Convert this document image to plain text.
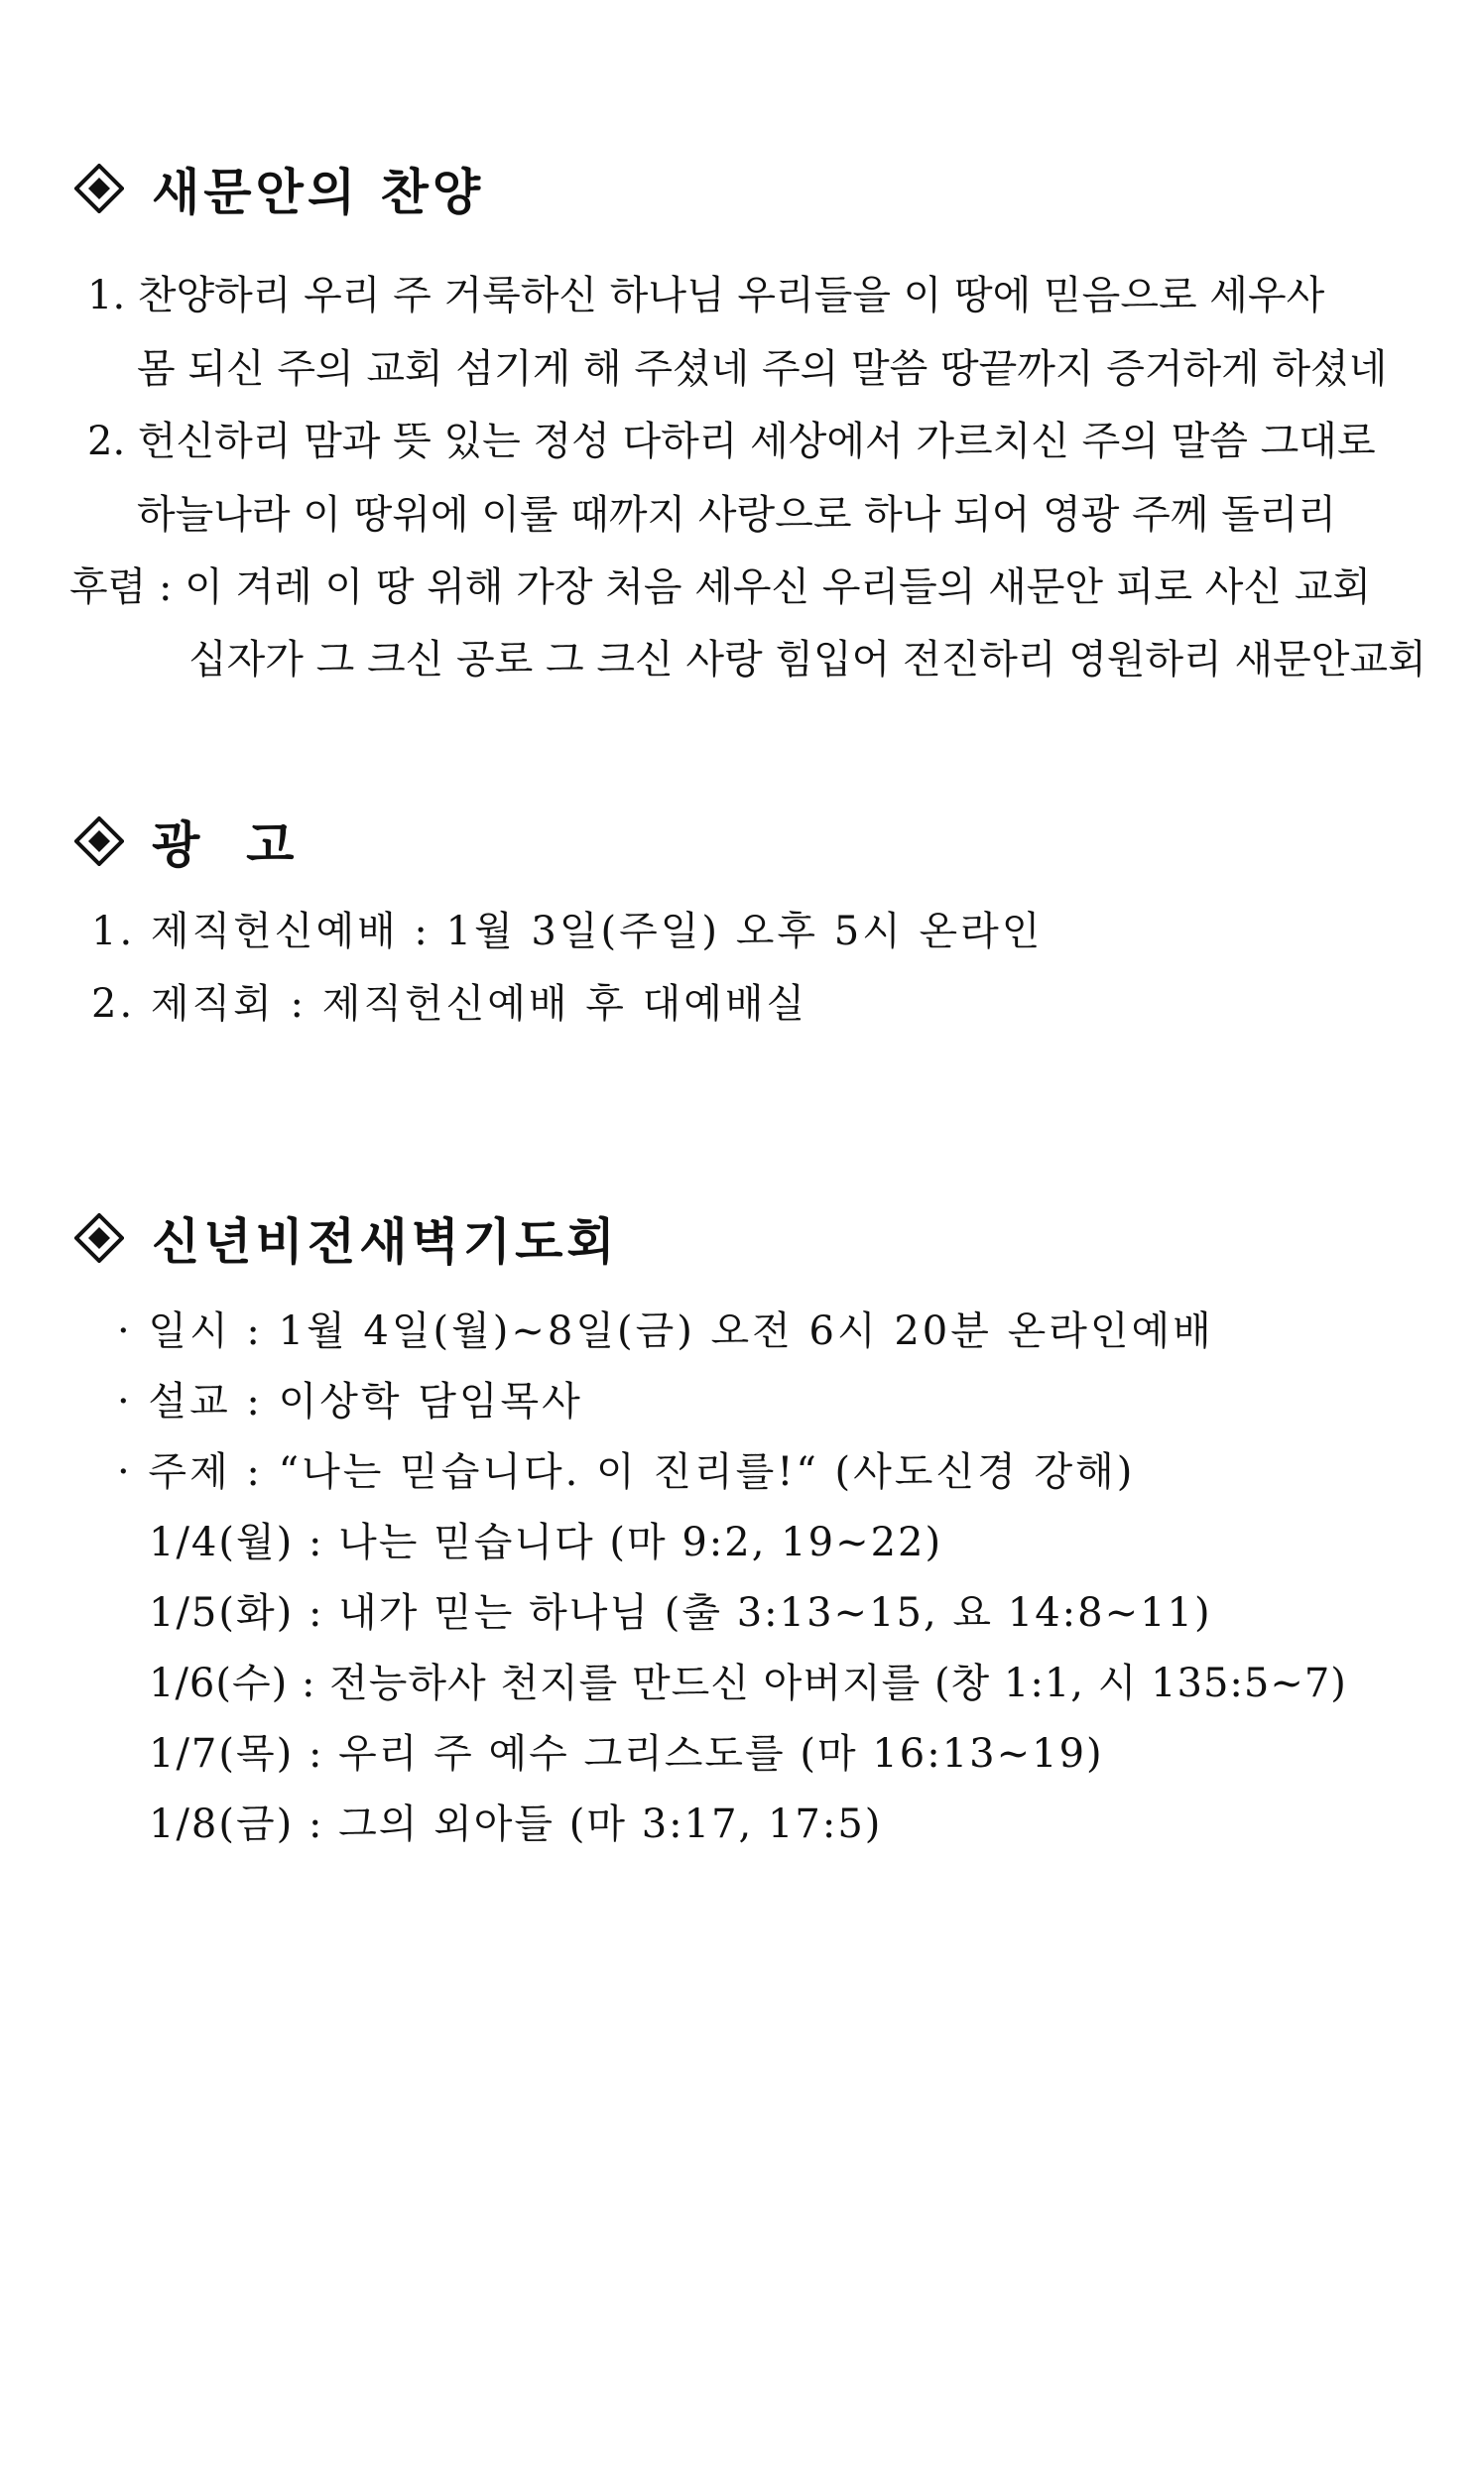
새문안의 찬양
1. 찬양하리 우리 주 거룩하신 하나님 우리들을 이 땅에 믿음으로 세우사
몸 되신 주의 교회 섬기게 해 주셨네 주의 말씀 땅끝까지 증거하게 하셨네
2. 헌신하리 맘과 뜻 있는 정성 다하리 세상에서 가르치신 주의 말씀 그대로
하늘나라 이 땅위에 이룰 때까지 사랑으로 하나 되어 영광 주께 돌리리
후렴 : 이 겨레 이 땅 위해 가장 처음 세우신 우리들의 새문안 피로 사신 교회
십자가 그 크신 공로 그 크신 사랑 힘입어 전진하리 영원하리 새문안교회
광  고
1. 제직헌신예배 : 1월 3일(주일) 오후 5시 온라인
2. 제직회 : 제직헌신예배 후 대예배실
신년비전새벽기도회
· 일시 : 1월 4일(월)~8일(금) 오전 6시 20분 온라인예배
· 설교 : 이상학 담임목사
· 주제 : “나는 믿습니다. 이 진리를!“ (사도신경 강해)
1/4(월) : 나는 믿습니다 (마 9:2, 19~22)
1/5(화) : 내가 믿는 하나님 (출 3:13~15, 요 14:8~11)
1/6(수) : 전능하사 천지를 만드신 아버지를 (창 1:1, 시 135:5~7)
1/7(목) : 우리 주 예수 그리스도를 (마 16:13~19)
1/8(금) : 그의 외아들 (마 3:17, 17:5)
